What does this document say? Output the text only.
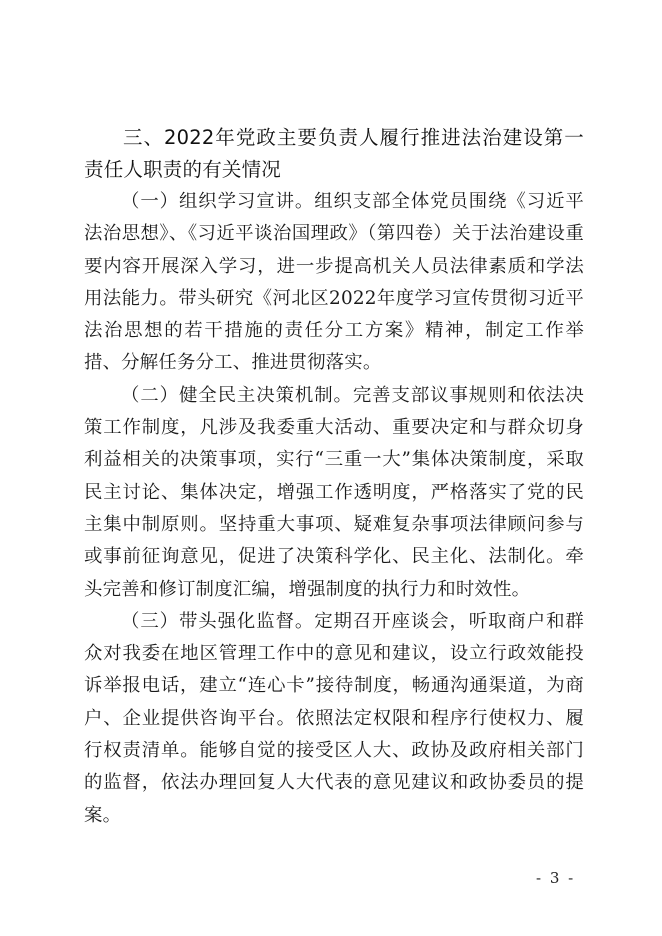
三、2022年党政主要负责人履行推进法治建设第一责任人职责的有关情况

（一）组织学习宣讲。组织支部全体党员围绕《习近平法治思想》、《习近平谈治国理政》（第四卷）关于法治建设重要内容开展深入学习，进一步提高机关人员法律素质和学法用法能力。带头研究《河北区2022年度学习宣传贯彻习近平法治思想的若干措施的责任分工方案》精神，制定工作举措、分解任务分工、推进贯彻落实。

（二）健全民主决策机制。完善支部议事规则和依法决策工作制度，凡涉及我委重大活动、重要决定和与群众切身利益相关的决策事项，实行“三重一大”集体决策制度，采取民主讨论、集体决定，增强工作透明度，严格落实了党的民主集中制原则。坚持重大事项、疑难复杂事项法律顾问参与或事前征询意见，促进了决策科学化、民主化、法制化。牵头完善和修订制度汇编，增强制度的执行力和时效性。

（三）带头强化监督。定期召开座谈会，听取商户和群众对我委在地区管理工作中的意见和建议，设立行政效能投诉举报电话，建立“连心卡”接待制度，畅通沟通渠道，为商户、企业提供咨询平台。依照法定权限和程序行使权力、履行权责清单。能够自觉的接受区人大、政协及政府相关部门的监督，依法办理回复人大代表的意见建议和政协委员的提案。

- 3 -
